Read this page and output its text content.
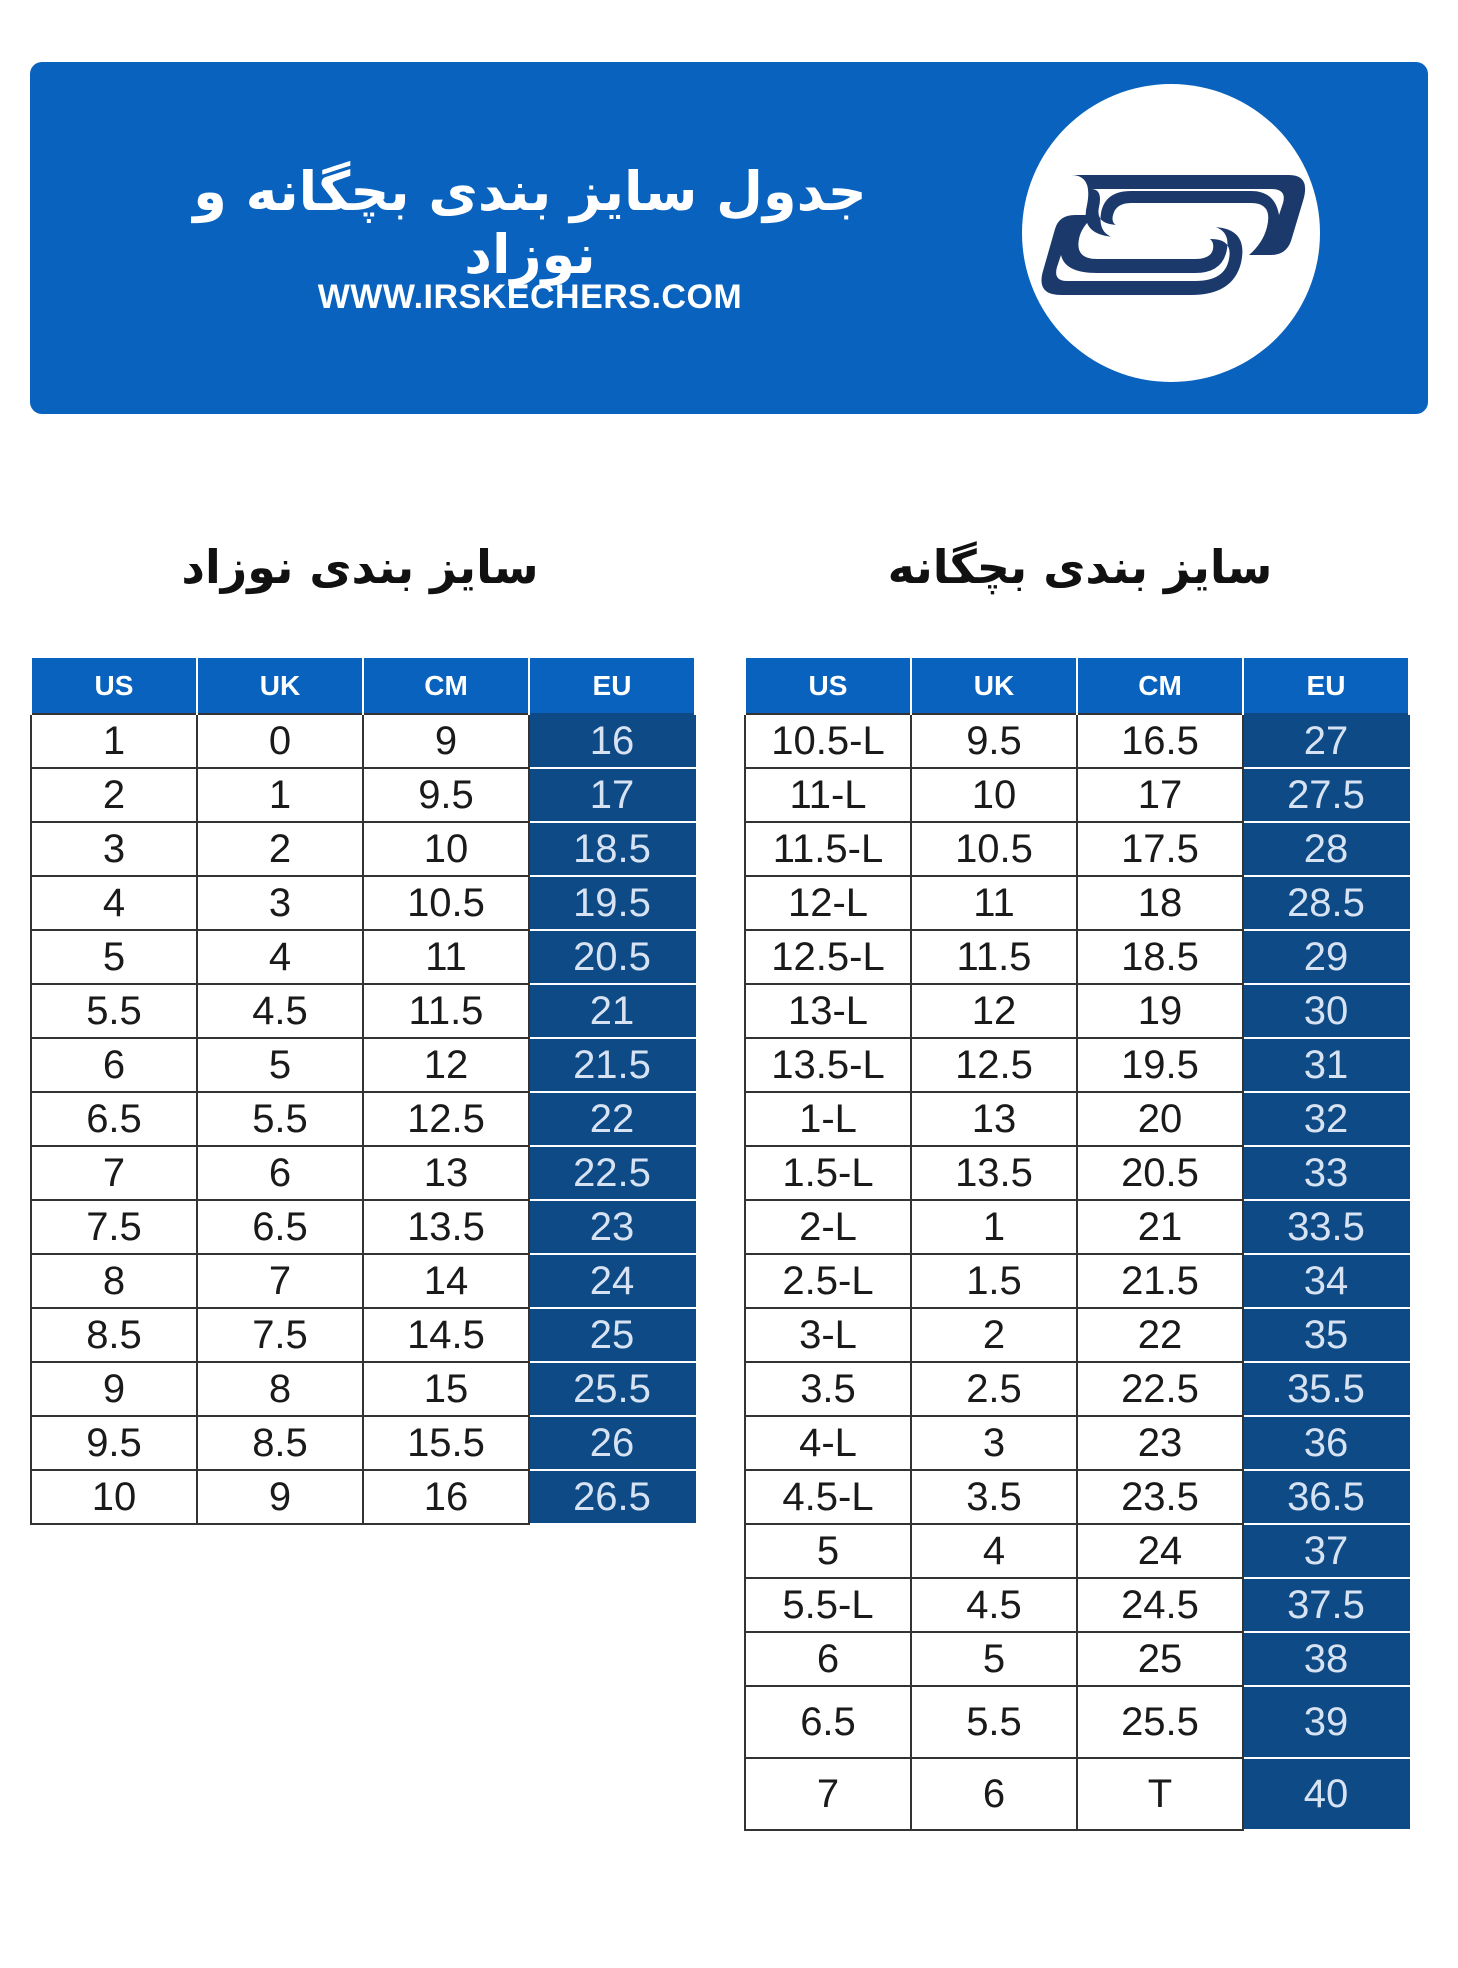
جدول سایز بندی بچگانه و نوزاد
WWW.IRSKECHERS.COM
سایز بندی نوزاد	سایز بندی بچگانه
US	UK	CM	EU
1	0	9	16
2	1	9.5	17
3	2	10	18.5
4	3	10.5	19.5
5	4	11	20.5
5.5	4.5	11.5	21
6	5	12	21.5
6.5	5.5	12.5	22
7	6	13	22.5
7.5	6.5	13.5	23
8	7	14	24
8.5	7.5	14.5	25
9	8	15	25.5
9.5	8.5	15.5	26
10	9	16	26.5
US	UK	CM	EU
10.5-L	9.5	16.5	27
11-L	10	17	27.5
11.5-L	10.5	17.5	28
12-L	11	18	28.5
12.5-L	11.5	18.5	29
13-L	12	19	30
13.5-L	12.5	19.5	31
1-L	13	20	32
1.5-L	13.5	20.5	33
2-L	1	21	33.5
2.5-L	1.5	21.5	34
3-L	2	22	35
3.5	2.5	22.5	35.5
4-L	3	23	36
4.5-L	3.5	23.5	36.5
5	4	24	37
5.5-L	4.5	24.5	37.5
6	5	25	38
6.5	5.5	25.5	39
7	6	T	40
